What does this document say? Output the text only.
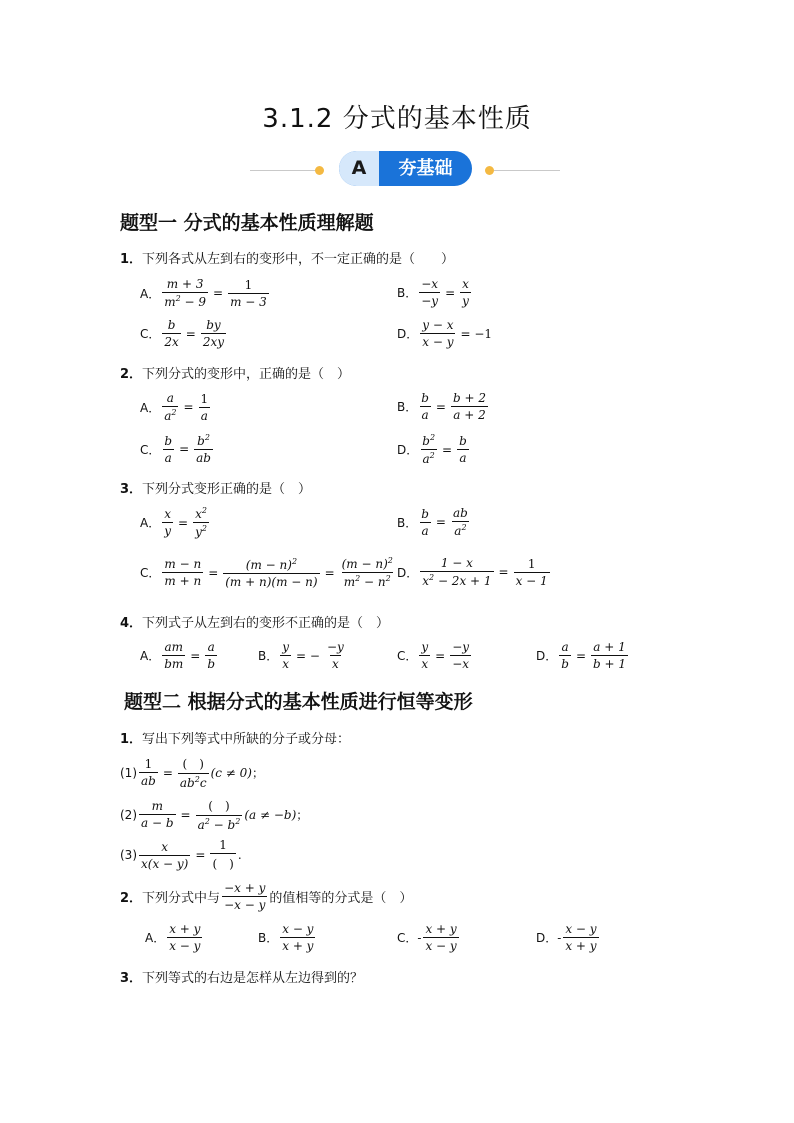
3.1.2 分式的基本性质
A	夯基础
题型一 分式的基本性质理解题
1．下列各式从左到右的变形中，不一定正确的是（　　）
A． $\frac{m + 3}{m^2 - 9} = \frac{1}{m - 3}$	B． $\frac{-x}{-y} = \frac{x}{y}$
C． $\frac{b}{2x} = \frac{by}{2xy}$	D． $\frac{y - x}{x - y} = -1$
2．下列分式的变形中，正确的是（　）
A． $\frac{a}{a^2} = \frac{1}{a}$	B． $\frac{b}{a} = \frac{b + 2}{a + 2}$
C． $\frac{b}{a} = \frac{b^2}{ab}$	D． $\frac{b^2}{a^2} = \frac{b}{a}$
3．下列分式变形正确的是（　）
A． $\frac{x}{y} = \frac{x^2}{y^2}$	B． $\frac{b}{a} = \frac{ab}{a^2}$
C． $\frac{m - n}{m + n} = \frac{(m - n)^2}{(m + n)(m - n)} = \frac{(m - n)^2}{m^2 - n^2}$ D． $\frac{1 - x}{x^2 - 2x + 1} = \frac{1}{x - 1}$
4．下列式子从左到右的变形不正确的是（　）
A． $\frac{am}{bm} = \frac{a}{b}$	B． $\frac{y}{x}$ = − $\frac{-y}{x}$	C． $\frac{y}{x} = \frac{-y}{-x}$	D． $\frac{a}{b} = \frac{a + 1}{b + 1}$
题型二 根据分式的基本性质进行恒等变形
1．写出下列等式中所缺的分子或分母：
$(1) \frac{1}{ab} = \frac{( )}{ab^2c} (c \ne 0)$ ；
$(2) \frac{m}{a - b} = \frac{( )}{a^2 - b^2} (a \ne -b)$ ；
$(3) \frac{x}{x(x - y)} = \frac{1}{( )}$ .
2． 下列分式中与 $\frac{-x + y}{-x - y}$ 的值相等的分式是（　）
A． $\frac{x + y}{x - y}$	B． $\frac{x - y}{x + y}$	C． - $\frac{x + y}{x - y}$	D． - $\frac{x - y}{x + y}$
3．下列等式的右边是怎样从左边得到的？
